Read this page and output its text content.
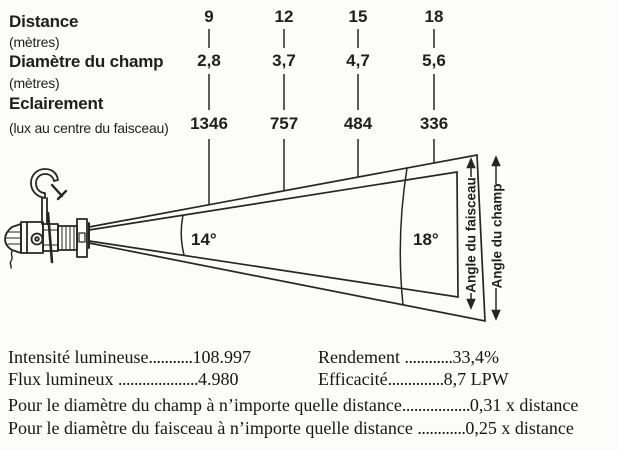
Distance
(mètres)
Diamètre du champ
(mètres)
Eclairement
(lux au centre du faisceau)
9	12	15	18
2,8	3,7	4,7	5,6
1346 757	484	336
14°	18° Angle du faisceau Angle du champ
Intensité lumineuse...........108.997
Flux lumineux ....................4.980
Rendement ............33,4%
Efficacité..............8,7 LPW
Pour le diamètre du champ à n’importe quelle distance.................0,31 x distance
Pour le diamètre du faisceau à n’importe quelle distance ............0,25 x distance
